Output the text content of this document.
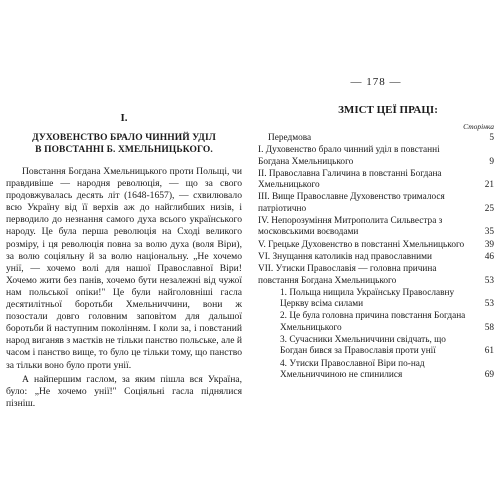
I.
ДУХОВЕНСТВО БРАЛО ЧИННИЙ УДІЛ
В ПОВСТАННІ Б. ХМЕЛЬНИЦЬКОГО.

Повстання Богдана Хмельницького проти Польщі, чи правдивіше — народня революція, — що за свого продовжувалась десять літ (1648-1657), — схвилювало всю Україну від її верхів аж до найглибших низів, і перводило до незнання самого духа всього українського народу. Це була перша революція на Сході великого розміру, і ця революція повна за волю духа (воля Віри), за волю соціяльну й за волю національну. „Не хочемо унії, — хочемо волі для нашої Православної Віри! Хочемо жити без панів, хочемо бути незалежні від чужої нам польської опіки!" Це були найголовніші гасла десятилітньої боротьби Хмельниччини, вони ж позостали довго головним заповітом для дальшої боротьби й наступним поколінням. І коли за, і повстаний народ виганяв з маєтків не тільки панство польське, але й часом і панство вище, то було це тільки тому, що панство за тільки воно було проти унії.

А найпершим гаслом, за яким пішла вся Україна, було: „Не хочемо унії!" Соціяльні гасла піднялися пізніш.

— 178 —
ЗМІСТ ЦЕЇ ПРАЦІ:
Сторінка
Передмова	5
I. Духовенство брало чинний уділ в повстанні Богдана Хмельницького	9
II. Православна Галичина в повстанні Богдана Хмельницького	21
III. Вище Православне Духовенство трималося патріотично	25
IV. Непорозуміння Митрополита Сильвестра з московськими воєводами	35
V. Грецьке Духовенство в повстанні Хмельницького	39
VI. Знущання католиків над православними	46
VII. Утиски Православія — головна причина повстання Богдана Хмельницького	53
1. Польща нищила Українську Православну Церкву всіма силами	53
2. Це була головна причина повстання Богдана Хмельницького	58
3. Сучасники Хмельниччини свідчать, що Богдан бився за Православія проти унії	61
4. Утиски Православної Віри по-над Хмельниччиною не спинилися	69
